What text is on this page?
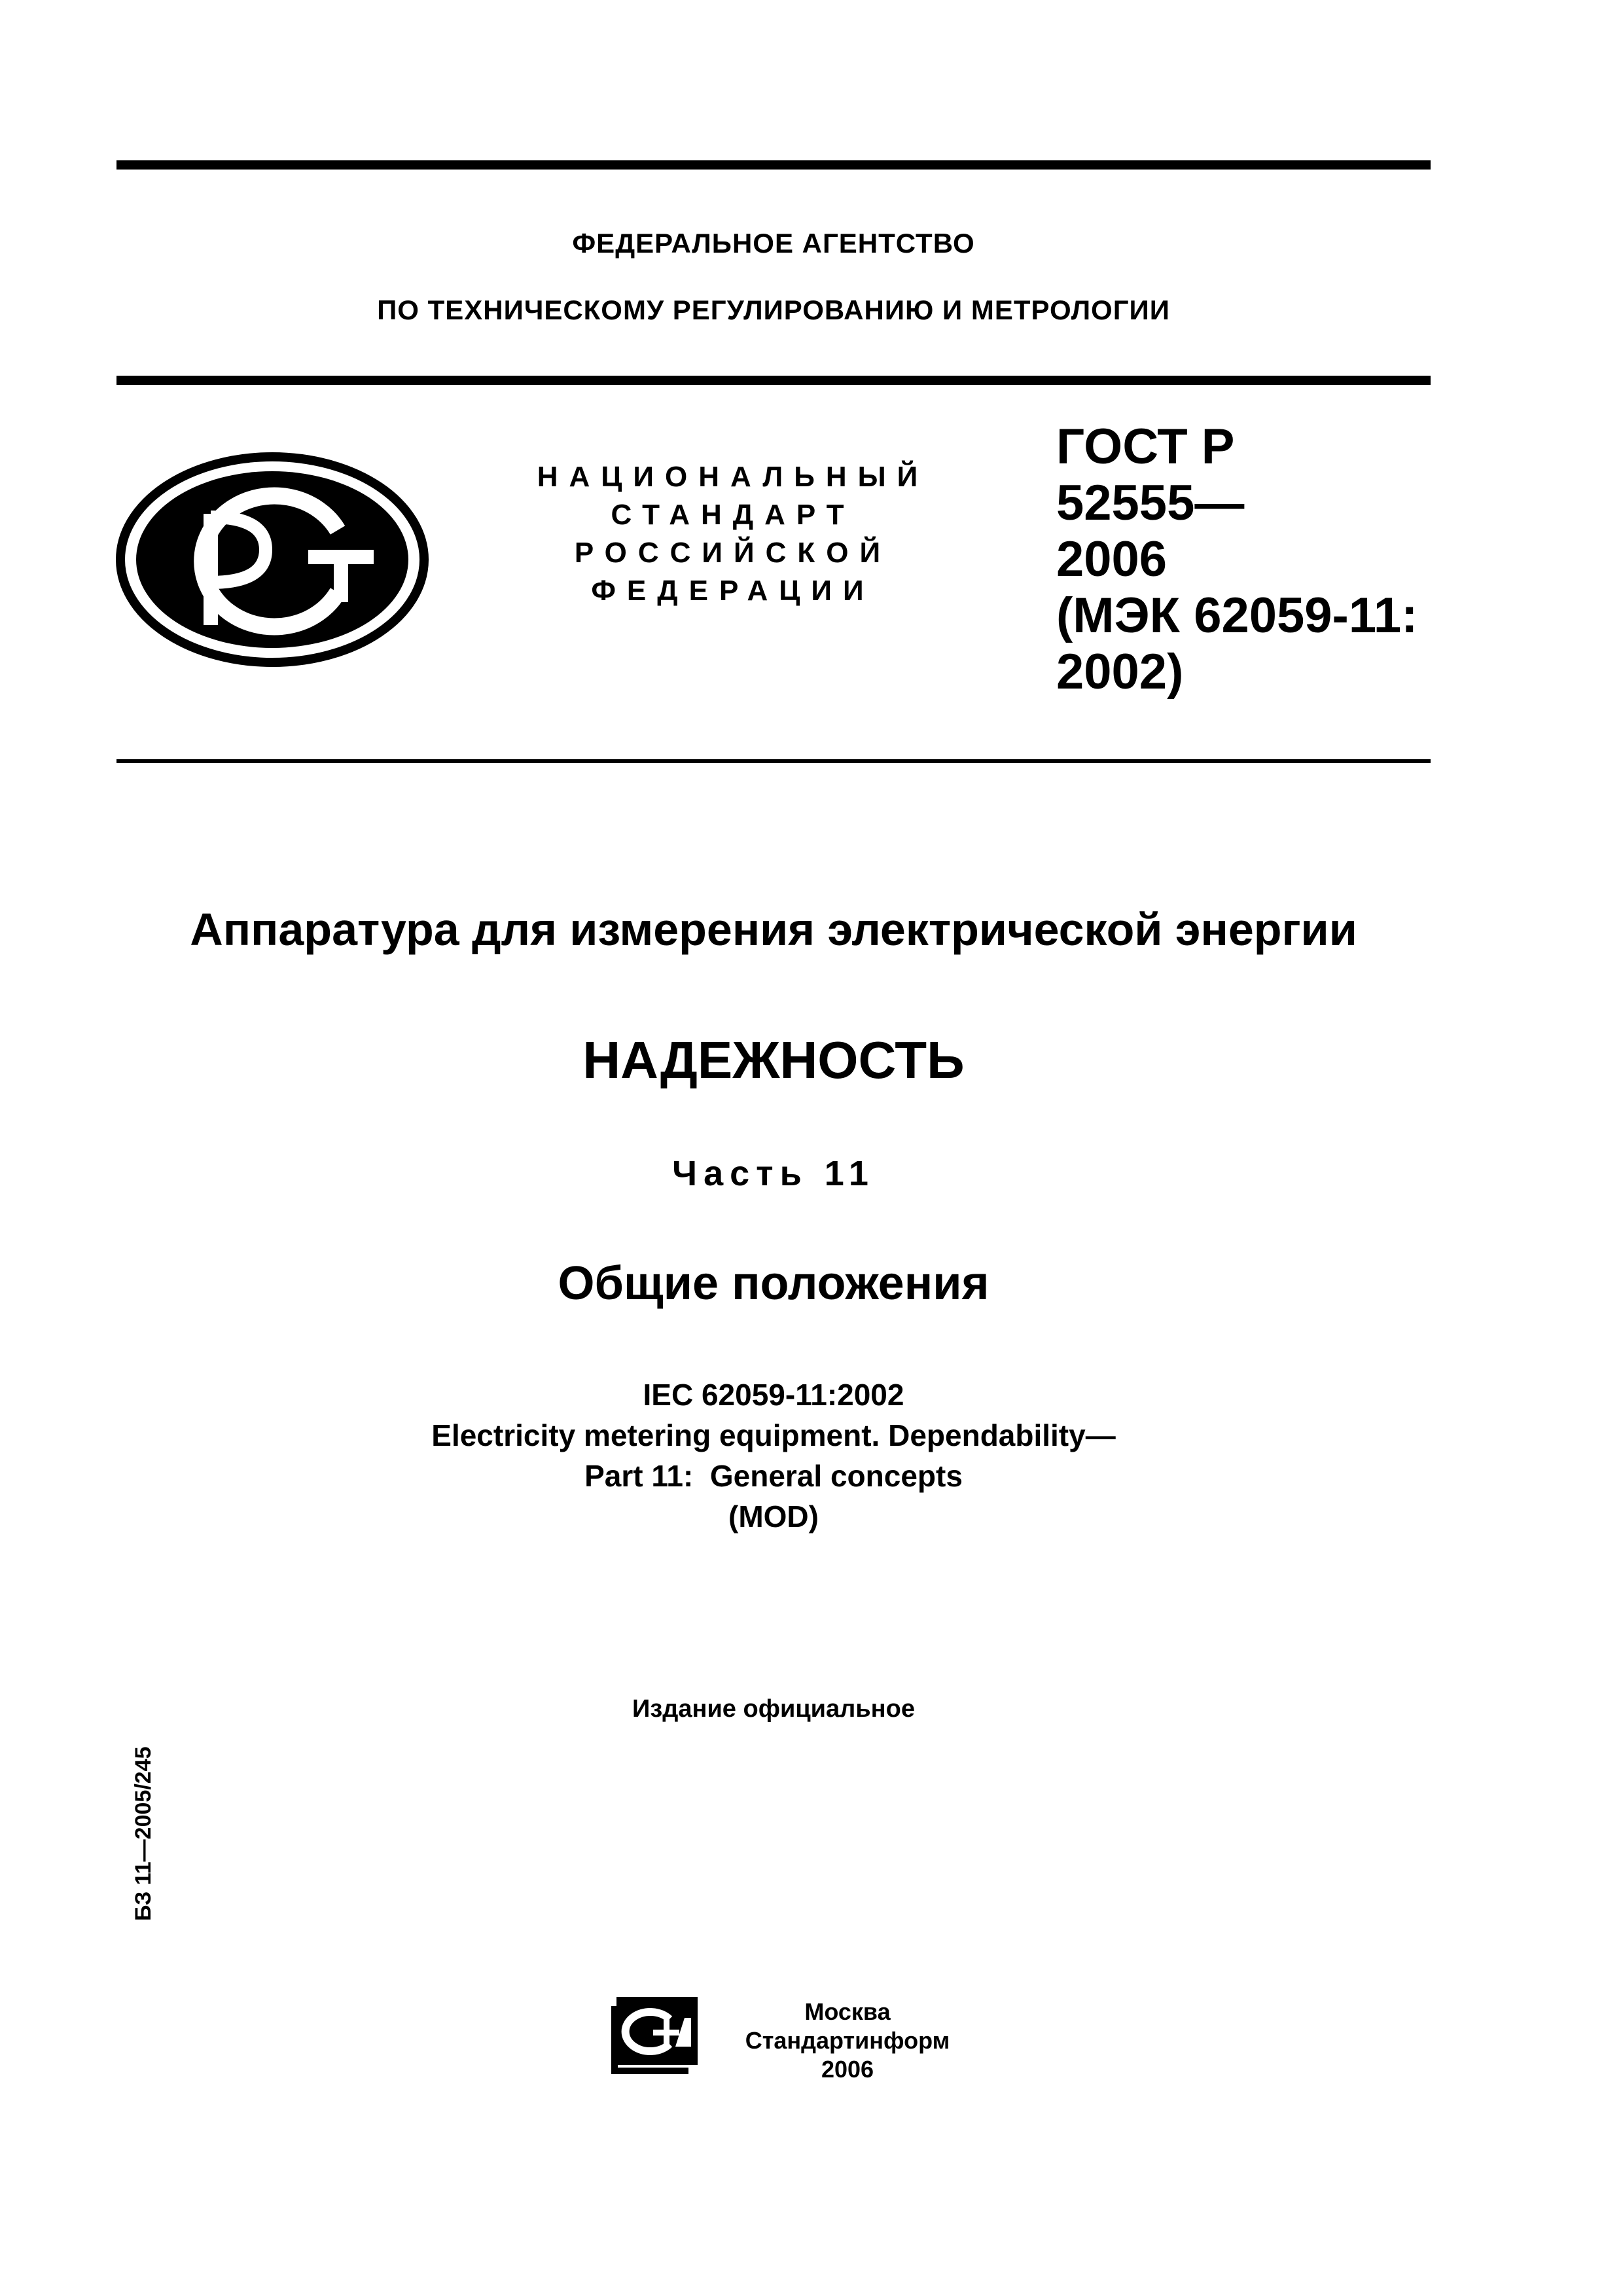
ФЕДЕРАЛЬНОЕ АГЕНТСТВО
ПО ТЕХНИЧЕСКОМУ РЕГУЛИРОВАНИЮ И МЕТРОЛОГИИ
НАЦИОНАЛЬНЫЙ
СТАНДАРТ
РОССИЙСКОЙ
ФЕДЕРАЦИИ
ГОСТ Р
52555—
2006
(МЭК 62059-11:
2002)
Аппаратура для измерения электрической энергии
НАДЕЖНОСТЬ
Часть 11
Общие положения
IEC 62059-11:2002
Electricity metering equipment. Dependability—
Part 11:  General concepts
(MOD)
Издание официальное
БЗ 11—2005/245
Москва
Стандартинформ
2006
